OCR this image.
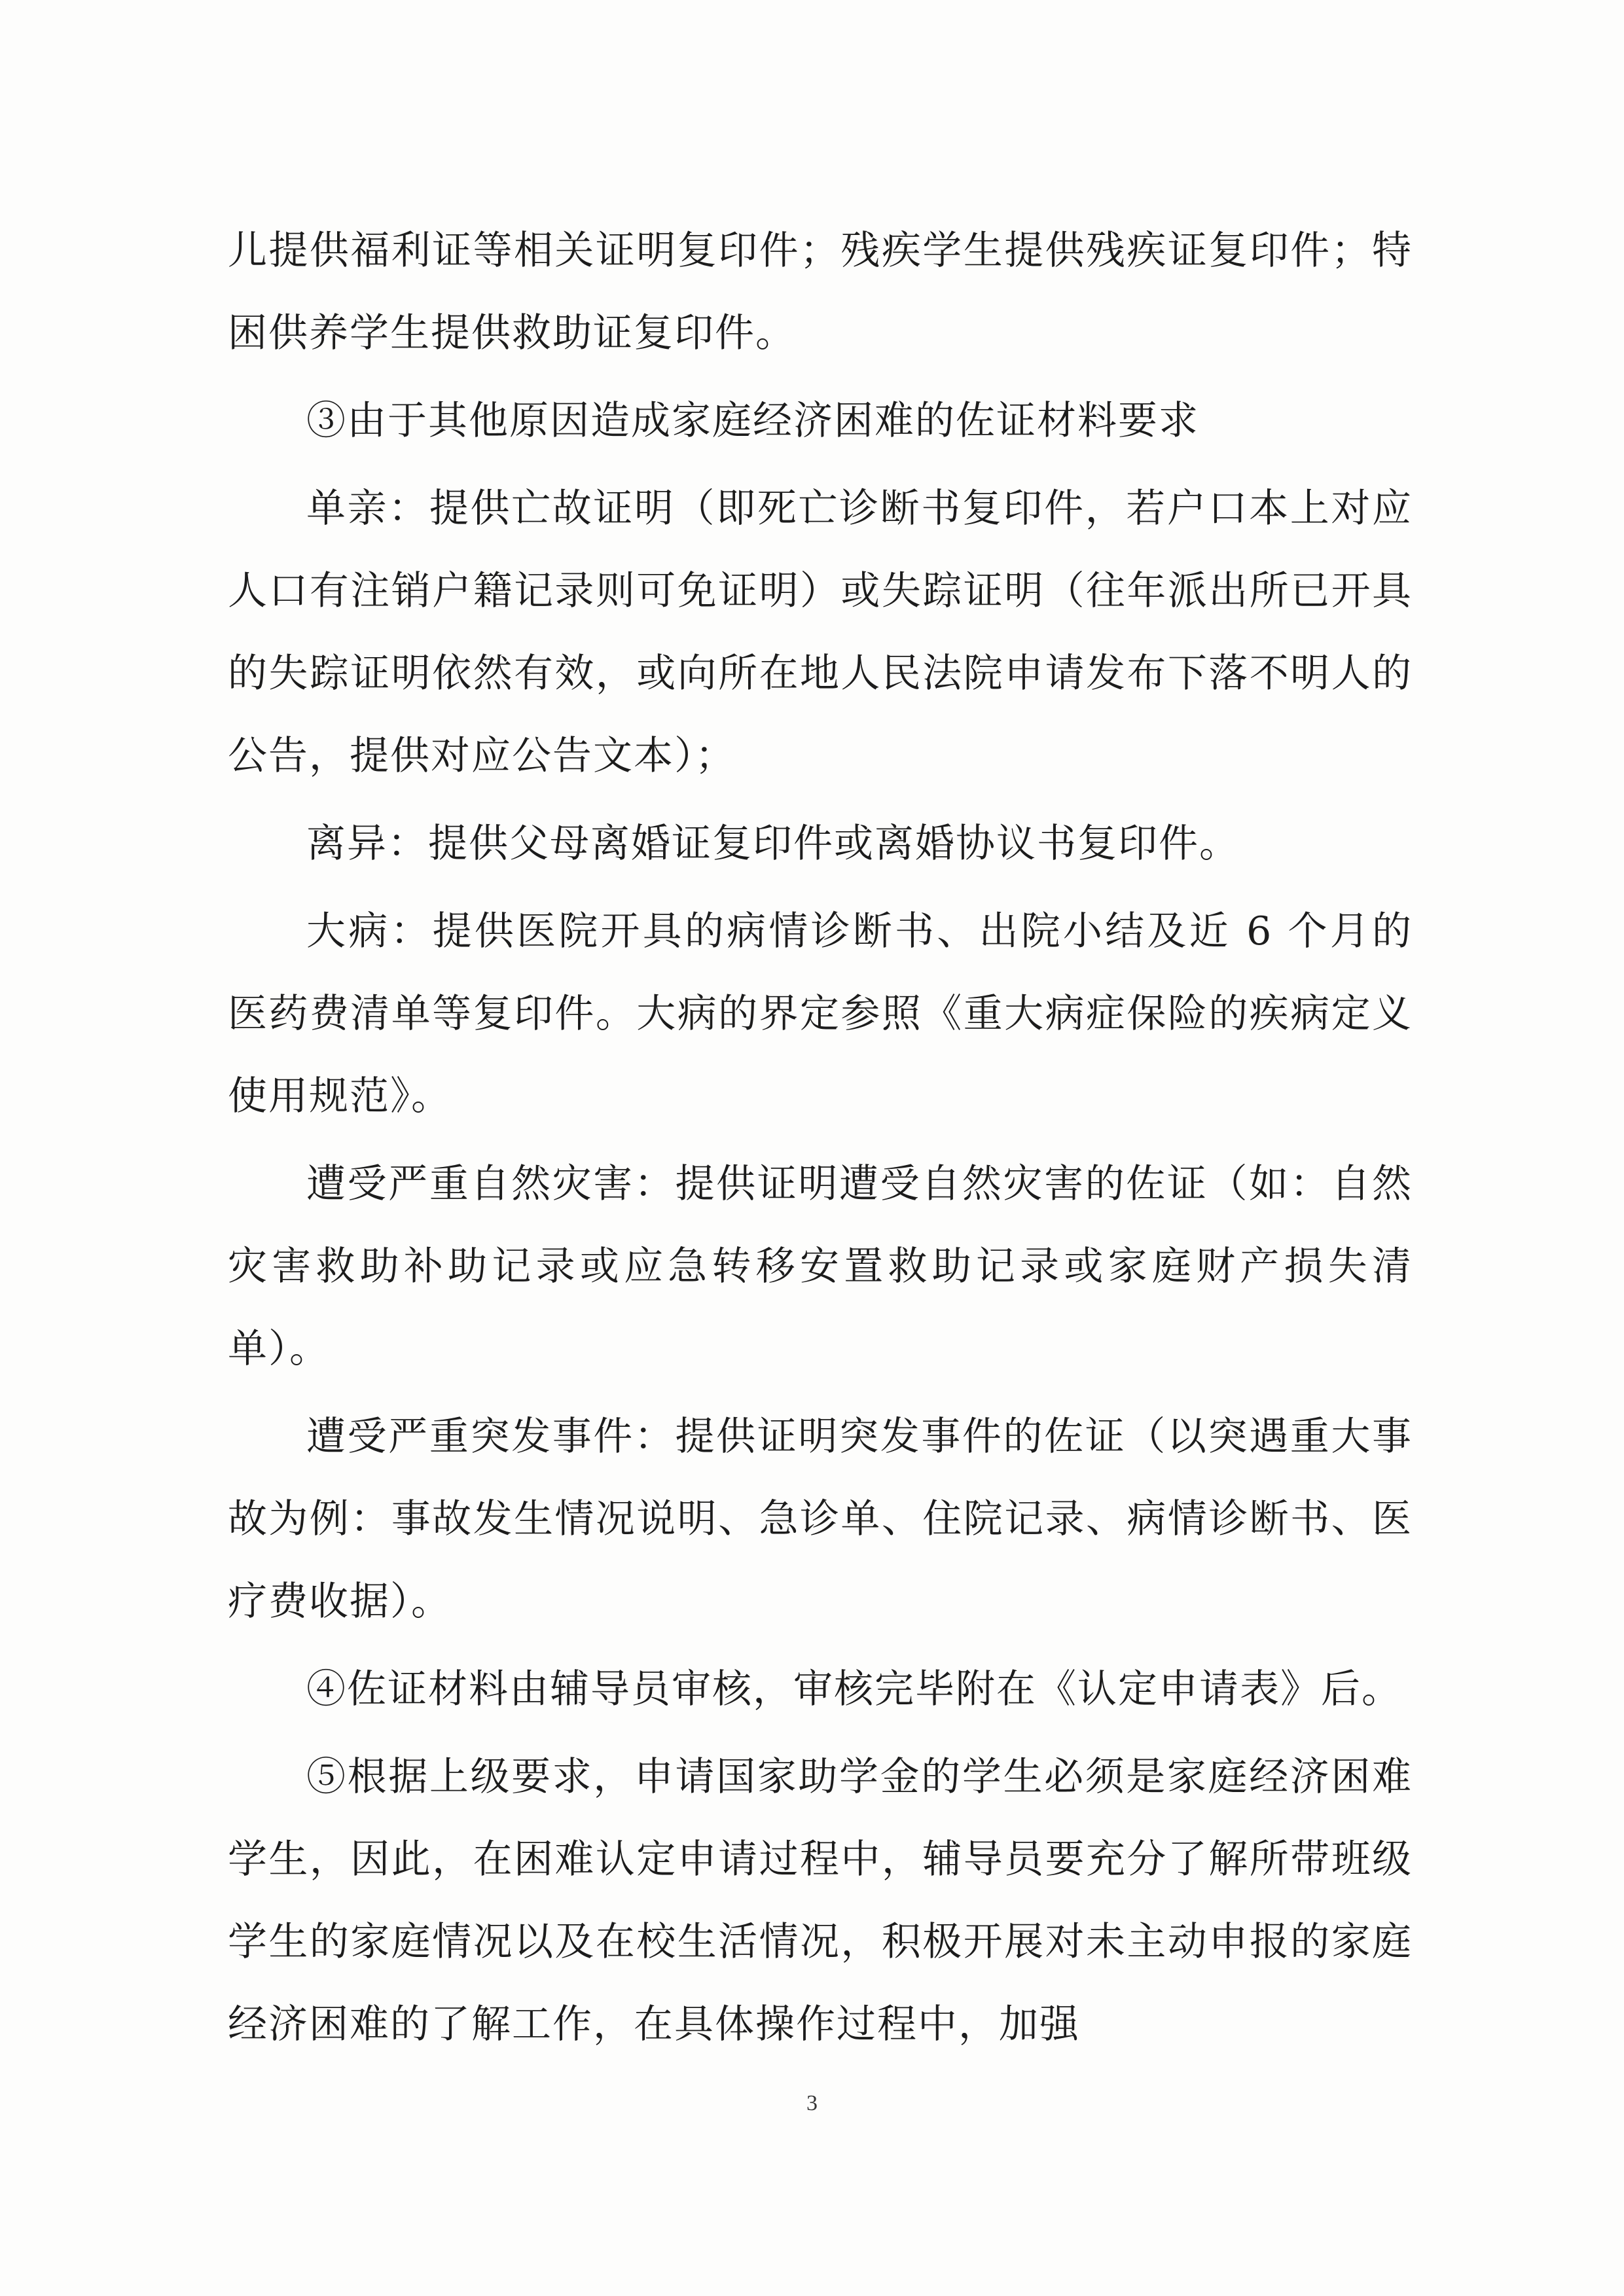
儿提供福利证等相关证明复印件；残疾学生提供残疾证复印件；特困供养学生提供救助证复印件。

③由于其他原因造成家庭经济困难的佐证材料要求

单亲：提供亡故证明（即死亡诊断书复印件，若户口本上对应人口有注销户籍记录则可免证明）或失踪证明（往年派出所已开具的失踪证明依然有效，或向所在地人民法院申请发布下落不明人的公告，提供对应公告文本）；

离异：提供父母离婚证复印件或离婚协议书复印件。

大病：提供医院开具的病情诊断书、出院小结及近 6 个月的医药费清单等复印件。大病的界定参照《重大病症保险的疾病定义使用规范》。

遭受严重自然灾害：提供证明遭受自然灾害的佐证（如：自然灾害救助补助记录或应急转移安置救助记录或家庭财产损失清单）。

遭受严重突发事件：提供证明突发事件的佐证（以突遇重大事故为例：事故发生情况说明、急诊单、住院记录、病情诊断书、医疗费收据）。

④佐证材料由辅导员审核，审核完毕附在《认定申请表》后。

⑤根据上级要求，申请国家助学金的学生必须是家庭经济困难学生，因此，在困难认定申请过程中，辅导员要充分了解所带班级学生的家庭情况以及在校生活情况，积极开展对未主动申报的家庭经济困难的了解工作，在具体操作过程中，加强

3
